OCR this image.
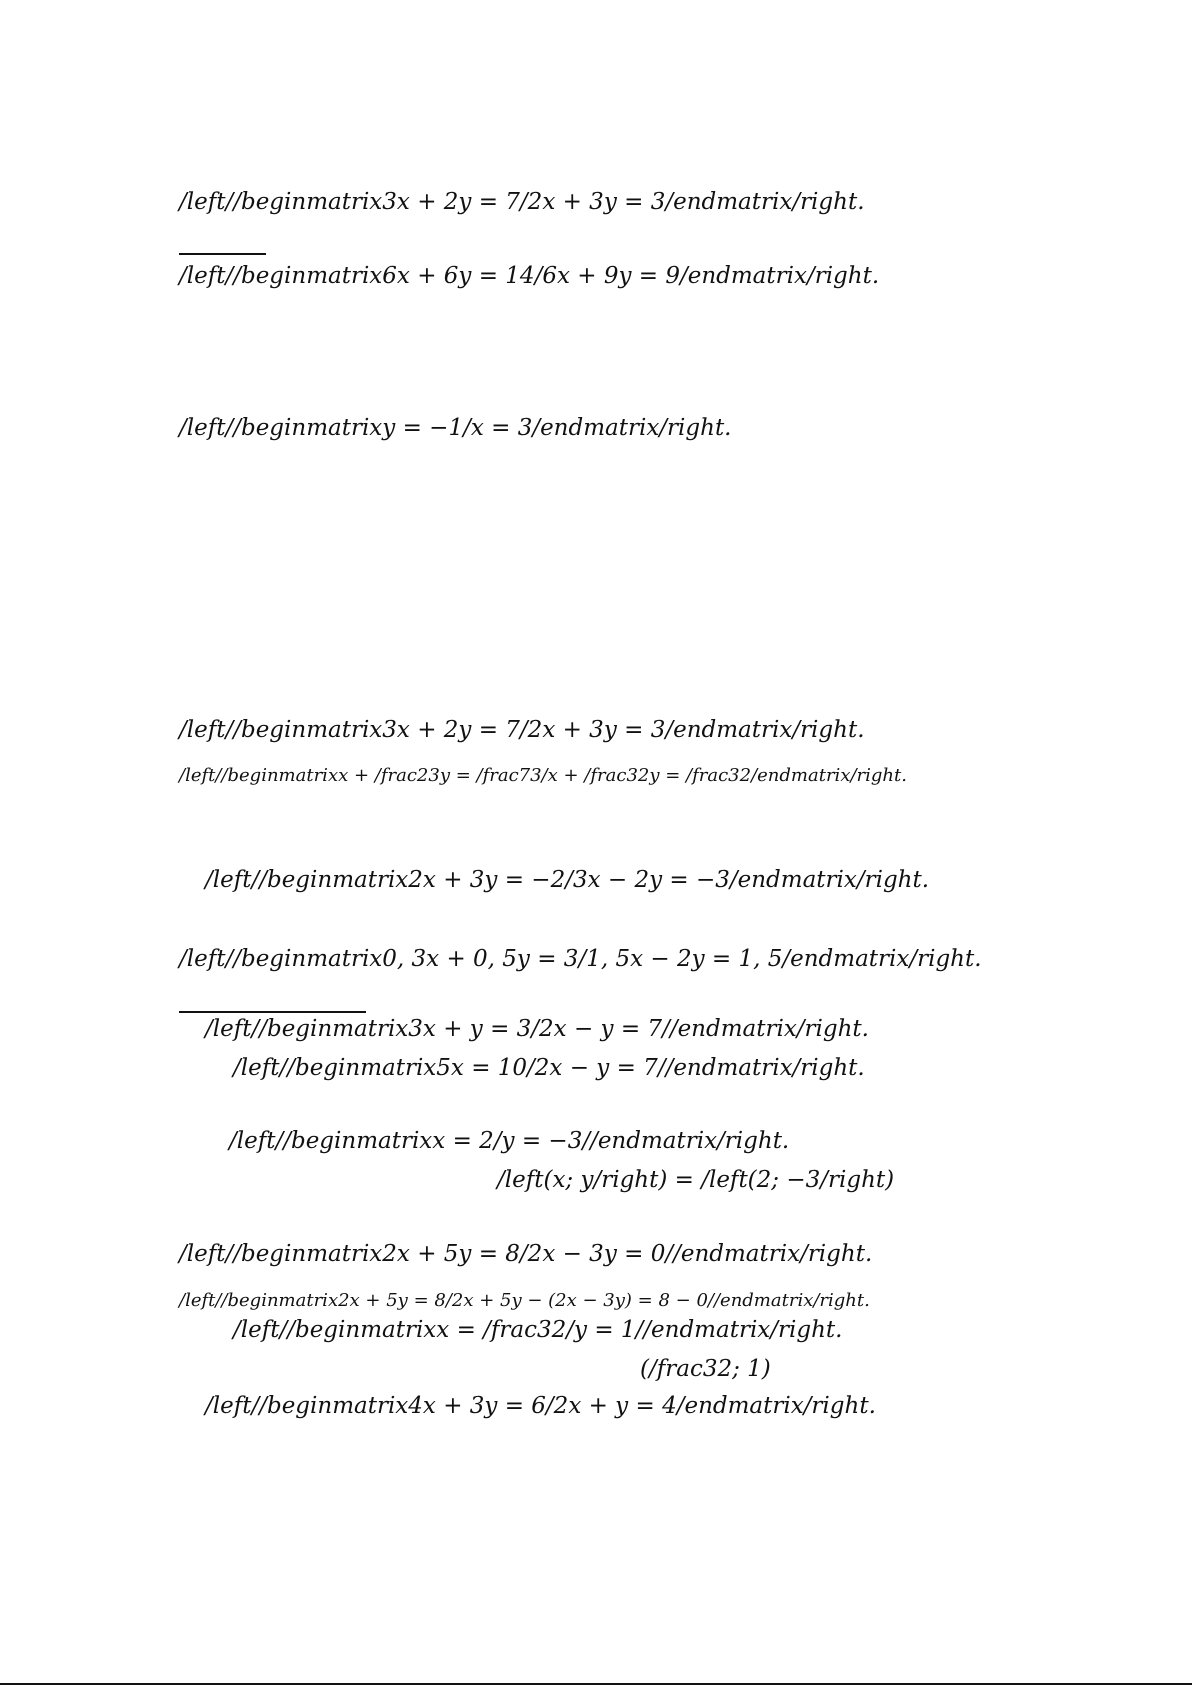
/left//beginmatrix3x + 2y = 7/2x + 3y = 3/endmatrix/right.
/left//beginmatrix6x + 6y = 14/6x + 9y = 9/endmatrix/right.
/left//beginmatrixy = −1/x = 3/endmatrix/right.
/left//beginmatrix3x + 2y = 7/2x + 3y = 3/endmatrix/right.
/left//beginmatrixx + /frac23y = /frac73/x + /frac32y = /frac32/endmatrix/right.
/left//beginmatrix2x + 3y = −2/3x − 2y = −3/endmatrix/right.
/left//beginmatrix0, 3x + 0, 5y = 3/1, 5x − 2y = 1, 5/endmatrix/right.
/left//beginmatrix3x + y = 3/2x − y = 7//endmatrix/right.
/left//beginmatrix5x = 10/2x − y = 7//endmatrix/right.
/left//beginmatrixx = 2/y = −3//endmatrix/right.
/left(x; y/right) = /left(2; −3/right)
/left//beginmatrix2x + 5y = 8/2x − 3y = 0//endmatrix/right.
/left//beginmatrix2x + 5y = 8/2x + 5y − (2x − 3y) = 8 − 0//endmatrix/right.
/left//beginmatrixx = /frac32/y = 1//endmatrix/right.
(/frac32; 1)
/left//beginmatrix4x + 3y = 6/2x + y = 4/endmatrix/right.
